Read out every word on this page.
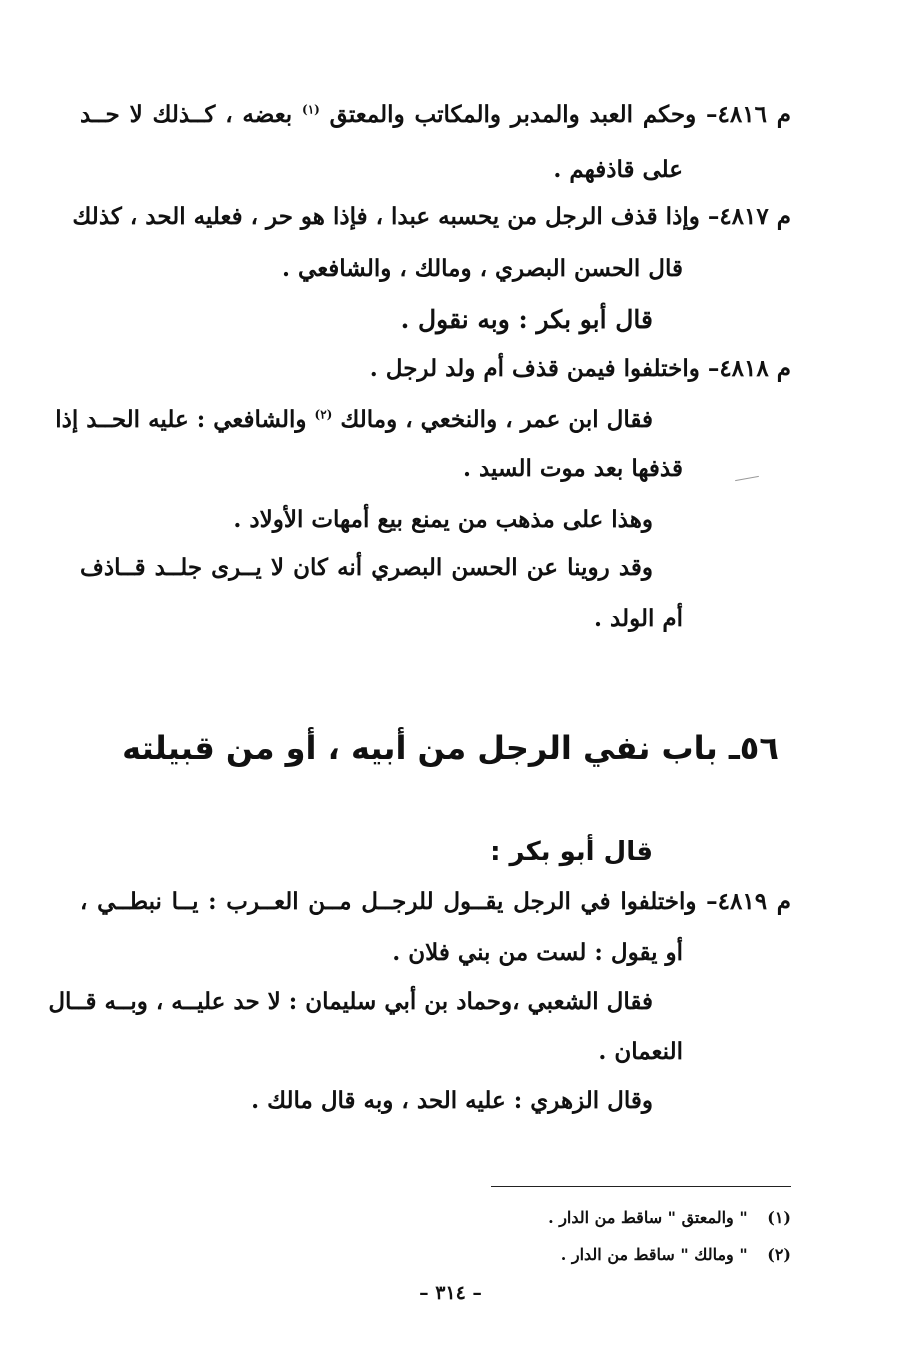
م ٤٨١٦– وحكم العبد والمدبر والمكاتب والمعتق $^{(١)}$ بعضه ، كــذلك لا حــد
على قاذفهم .
م ٤٨١٧– وإذا قذف الرجل من يحسبه عبدا ، فإذا هو حر ، فعليه الحد ، كذلك
قال الحسن البصري ، ومالك ، والشافعي .
قال أبو بكر : وبه نقول .
م ٤٨١٨– واختلفوا فيمن قذف أم ولد لرجل .
فقال ابن عمر ، والنخعي ، ومالك $^{(٢)}$ والشافعي : عليه الحــد إذا
قذفها بعد موت السيد .
وهذا على مذهب من يمنع بيع أمهات الأولاد .
وقد روينا عن الحسن البصري أنه كان لا يــرى جلــد قــاذف
أم الولد .
٥٦ـ باب نفي الرجل من أبيه ، أو من قبيلته
قال أبو بكر :
م ٤٨١٩– واختلفوا في الرجل يقــول للرجــل مــن العــرب : يــا نبطــي ،
أو يقول : لست من بني فلان .
فقال الشعبي ،وحماد بن أبي سليمان : لا حد عليــه ، وبــه قــال
النعمان .
وقال الزهري : عليه الحد ، وبه قال مالك .
(١) " والمعتق " ساقط من الدار .
(٢) " ومالك " ساقط من الدار .
– ٣١٤ –
